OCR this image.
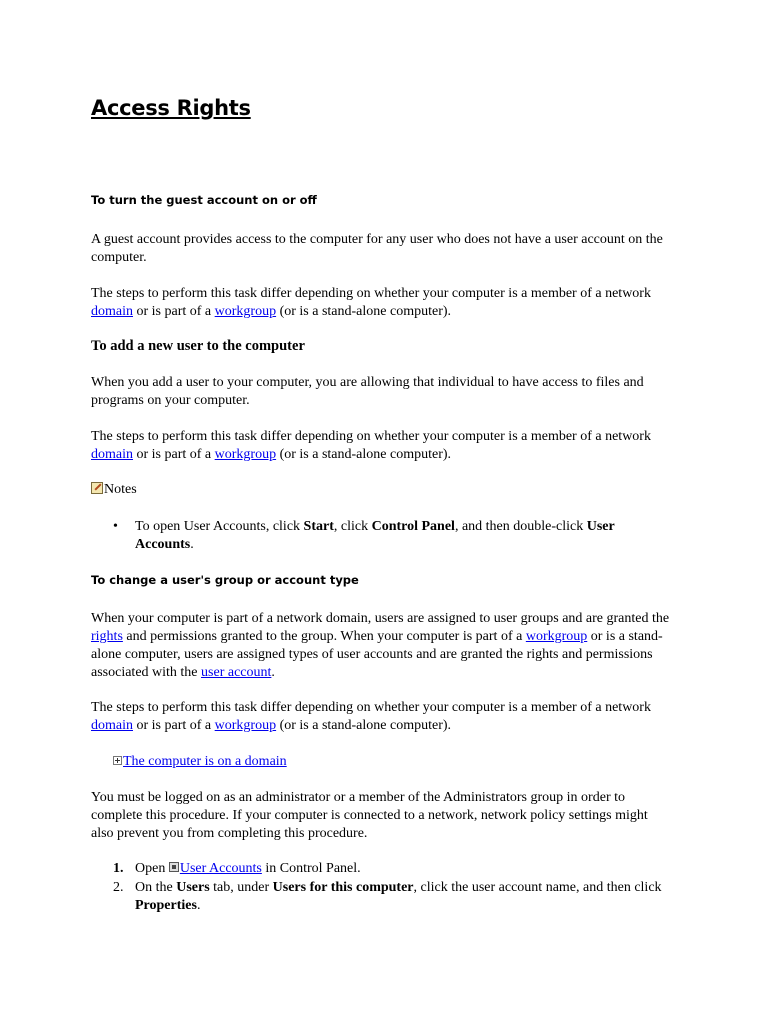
Access Rights
To turn the guest account on or off

A guest account provides access to the computer for any user who does not have a user account on the computer.

The steps to perform this task differ depending on whether your computer is a member of a network domain or is part of a workgroup (or is a stand-alone computer).

To add a new user to the computer

When you add a user to your computer, you are allowing that individual to have access to files and programs on your computer.

The steps to perform this task differ depending on whether your computer is a member of a network domain or is part of a workgroup (or is a stand-alone computer).

Notes
• To open User Accounts, click Start, click Control Panel, and then double-click User Accounts.
To change a user's group or account type

When your computer is part of a network domain, users are assigned to user groups and are granted the rights and permissions granted to the group. When your computer is part of a workgroup or is a stand-alone computer, users are assigned types of user accounts and are granted the rights and permissions associated with the user account.

The steps to perform this task differ depending on whether your computer is a member of a network domain or is part of a workgroup (or is a stand-alone computer).

The computer is on a domain

You must be logged on as an administrator or a member of the Administrators group in order to complete this procedure. If your computer is connected to a network, network policy settings might also prevent you from completing this procedure.

1. Open User Accounts in Control Panel.
2. On the Users tab, under Users for this computer, click the user account name, and then click Properties.
